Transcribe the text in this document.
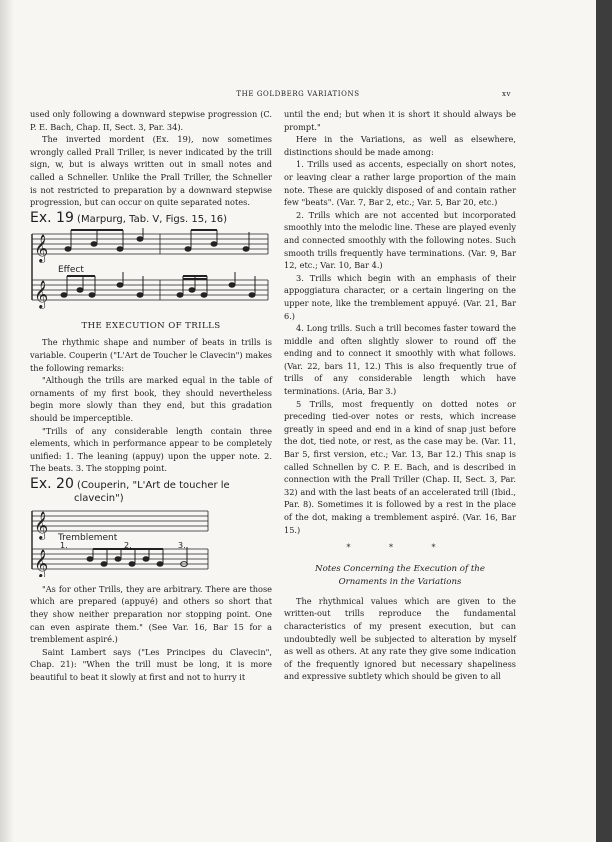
THE GOLDBERG VARIATIONS	xv

used only following a downward stepwise progression (C. P. E. Bach, Chap. II, Sect. 3, Par. 34).

The inverted mordent (Ex. 19), now sometimes wrongly called Prall Triller, is never indicated by the trill sign, w, but is always written out in small notes and called a Schneller. Unlike the Prall Triller, the Schneller is not restricted to preparation by a downward stepwise progression, but can occur on quite separated notes.

Ex. 19 (Marpurg, Tab. V, Figs. 15, 16)
𝄞
𝄞
Effect
THE EXECUTION OF TRILLS

The rhythmic shape and number of beats in trills is variable. Couperin ("L'Art de Toucher le Clavecin") makes the following remarks:

"Although the trills are marked equal in the table of ornaments of my first book, they should nevertheless begin more slowly than they end, but this gradation should be imperceptible.

"Trills of any considerable length contain three elements, which in performance appear to be completely unified: 1. The leaning (appuy) upon the upper note. 2. The beats. 3. The stopping point.

Ex. 20 (Couperin, "L'Art de toucher le
clavecin")
𝄞
𝄞
Tremblement
1.	2.	3.

"As for other Trills, they are arbitrary. There are those which are prepared (appuyé) and others so short that they show neither preparation nor stopping point. One can even aspirate them." (See Var. 16, Bar 15 for a tremblement aspiré.)

Saint Lambert says ("Les Principes du Clavecin", Chap. 21): "When the trill must be long, it is more beautiful to beat it slowly at first and not to hurry it

until the end; but when it is short it should always be prompt."

Here in the Variations, as well as elsewhere, distinctions should be made among:

1. Trills used as accents, especially on short notes, or leaving clear a rather large proportion of the main note. These are quickly disposed of and contain rather few "beats". (Var. 7, Bar 2, etc.; Var. 5, Bar 20, etc.)

2. Trills which are not accented but incorporated smoothly into the melodic line. These are played evenly and connected smoothly with the following notes. Such smooth trills frequently have terminations. (Var. 9, Bar 12, etc.; Var. 10, Bar 4.)

3. Trills which begin with an emphasis of their appoggiatura character, or a certain lingering on the upper note, like the tremblement appuyé. (Var. 21, Bar 6.)

4. Long trills. Such a trill becomes faster toward the middle and often slightly slower to round off the ending and to connect it smoothly with what follows. (Var. 22, bars 11, 12.) This is also frequently true of trills of any considerable length which have terminations. (Aria, Bar 3.)

5 Trills, most frequently on dotted notes or preceding tied-over notes or rests, which increase greatly in speed and end in a kind of snap just before the dot, tied note, or rest, as the case may be. (Var. 11, Bar 5, first version, etc.; Var. 13, Bar 12.) This snap is called Schnellen by C. P. E. Bach, and is described in connection with the Prall Triller (Chap. II, Sect. 3, Par. 32) and with the last beats of an accelerated trill (Ibid., Par. 8). Sometimes it is followed by a rest in the place of the dot, making a tremblement aspiré. (Var. 16, Bar 15.)

* * *
Notes Concerning the Execution of the
Ornaments in the Variations

The rhythmical values which are given to the written-out trills reproduce the fundamental characteristics of my present execution, but can undoubtedly well be subjected to alteration by myself as well as others. At any rate they give some indication of the frequently ignored but necessary shapeliness and expressive subtlety which should be given to all
